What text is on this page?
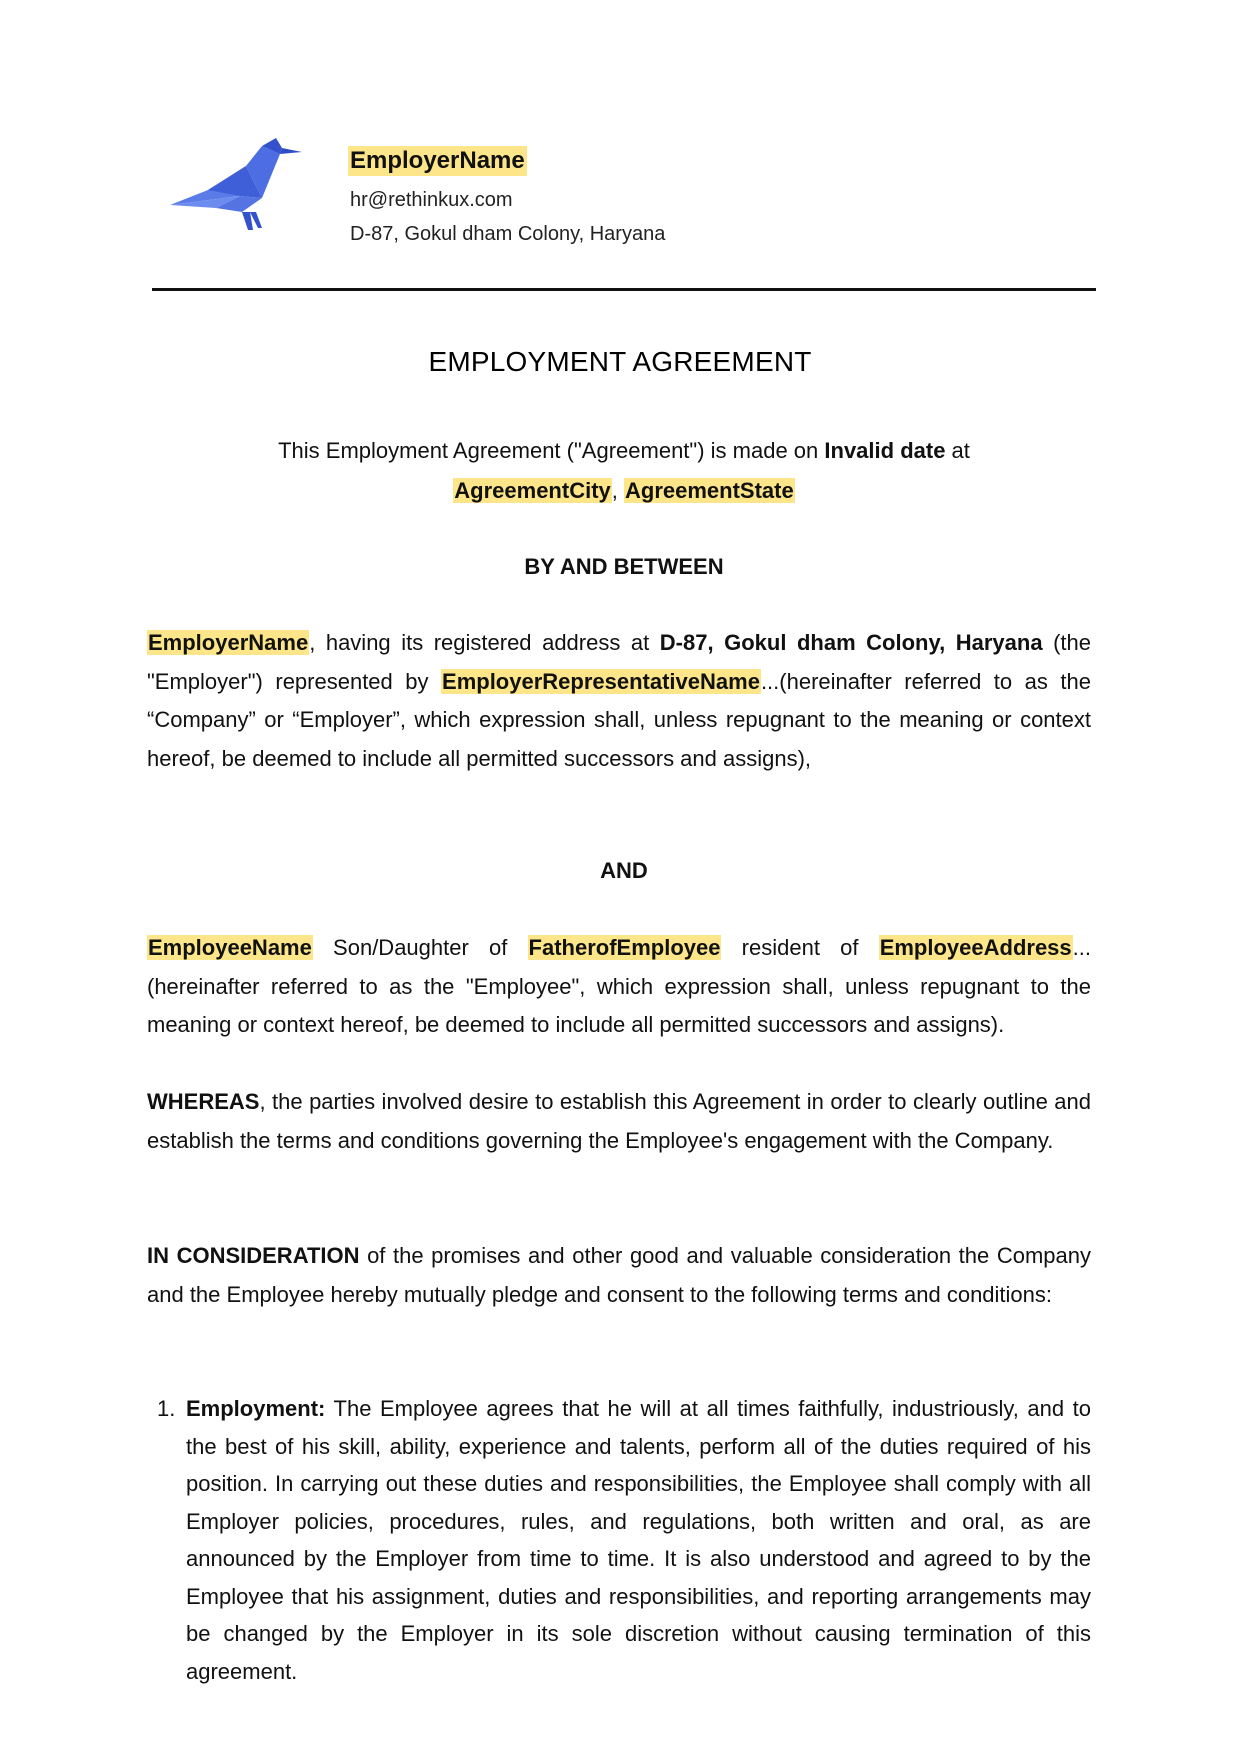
EmployerName
hr@rethinkux.com
D-87, Gokul dham Colony, Haryana
EMPLOYMENT AGREEMENT
This Employment Agreement ("Agreement") is made on Invalid date at
AgreementCity, AgreementState
BY AND BETWEEN

EmployerName, having its registered address at D-87, Gokul dham Colony, Haryana (the "Employer") represented by EmployerRepresentativeName...(hereinafter referred to as the “Company” or “Employer”, which expression shall, unless repugnant to the meaning or context hereof, be deemed to include all permitted successors and assigns),

AND

EmployeeName Son/Daughter of FatherofEmployee resident of EmployeeAddress...(hereinafter referred to as the "Employee", which expression shall, unless repugnant to the meaning or context hereof, be deemed to include all permitted successors and assigns).

WHEREAS, the parties involved desire to establish this Agreement in order to clearly outline and establish the terms and conditions governing the Employee's engagement with the Company.

IN CONSIDERATION of the promises and other good and valuable consideration the Company and the Employee hereby mutually pledge and consent to the following terms and conditions:

1. Employment: The Employee agrees that he will at all times faithfully, industriously, and to the best of his skill, ability, experience and talents, perform all of the duties required of his position. In carrying out these duties and responsibilities, the Employee shall comply with all Employer policies, procedures, rules, and regulations, both written and oral, as are announced by the Employer from time to time. It is also understood and agreed to by the Employee that his assignment, duties and responsibilities, and reporting arrangements may be changed by the Employer in its sole discretion without causing termination of this agreement.
